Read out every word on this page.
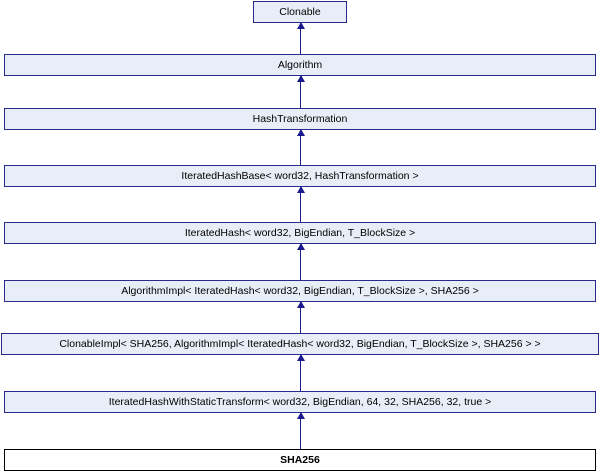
Clonable
Algorithm
HashTransformation
IteratedHashBase< word32, HashTransformation >
IteratedHash< word32, BigEndian, T_BlockSize >
AlgorithmImpl< IteratedHash< word32, BigEndian, T_BlockSize >, SHA256 >
ClonableImpl< SHA256, AlgorithmImpl< IteratedHash< word32, BigEndian, T_BlockSize >, SHA256 > >
IteratedHashWithStaticTransform< word32, BigEndian, 64, 32, SHA256, 32, true >
SHA256
